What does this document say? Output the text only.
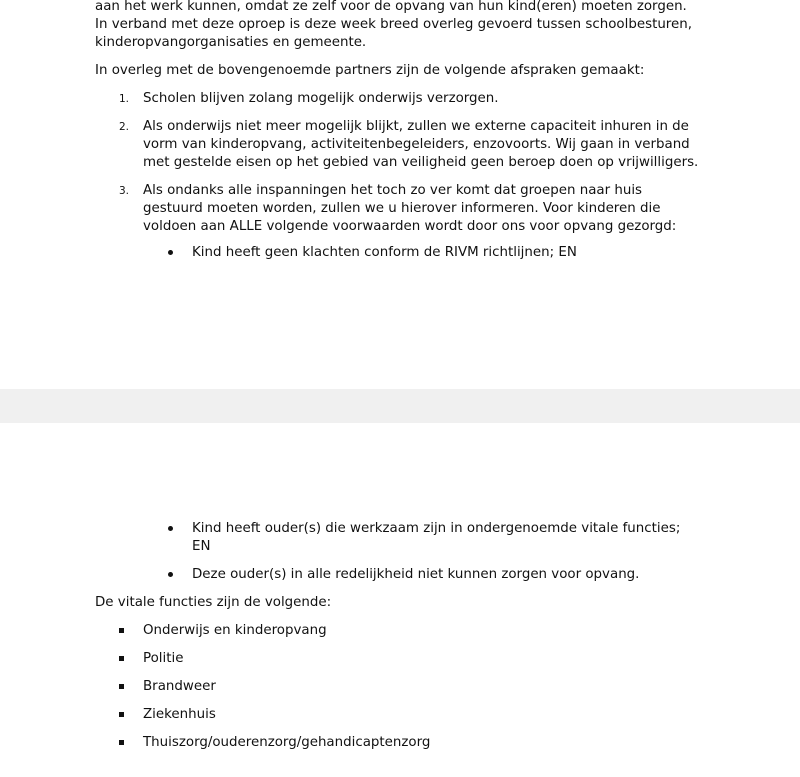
aan het werk kunnen, omdat ze zelf voor de opvang van hun kind(eren) moeten zorgen.
In verband met deze oproep is deze week breed overleg gevoerd tussen schoolbesturen,
kinderopvangorganisaties en gemeente.
In overleg met de bovengenoemde partners zijn de volgende afspraken gemaakt:
1. Scholen blijven zolang mogelijk onderwijs verzorgen.
2. Als onderwijs niet meer mogelijk blijkt, zullen we externe capaciteit inhuren in de
vorm van kinderopvang, activiteitenbegeleiders, enzovoorts. Wij gaan in verband
met gestelde eisen op het gebied van veiligheid geen beroep doen op vrijwilligers.
3. Als ondanks alle inspanningen het toch zo ver komt dat groepen naar huis
gestuurd moeten worden, zullen we u hierover informeren. Voor kinderen die
voldoen aan ALLE volgende voorwaarden wordt door ons voor opvang gezorgd:
Kind heeft geen klachten conform de RIVM richtlijnen; EN
Kind heeft ouder(s) die werkzaam zijn in ondergenoemde vitale functies;
EN
Deze ouder(s) in alle redelijkheid niet kunnen zorgen voor opvang.
De vitale functies zijn de volgende:
Onderwijs en kinderopvang
Politie
Brandweer
Ziekenhuis
Thuiszorg/ouderenzorg/gehandicaptenzorg
